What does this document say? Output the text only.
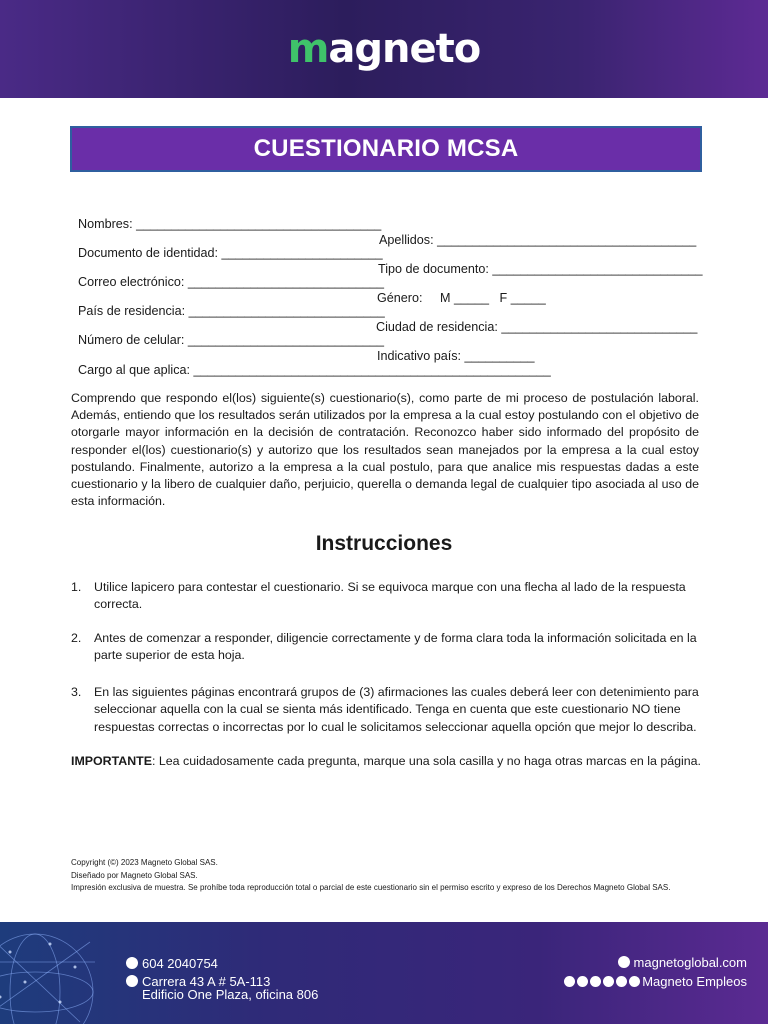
magneto
CUESTIONARIO MCSA

Nombres: ___________________________________

Apellidos: _____________________________________

Documento de identidad: _______________________

Tipo de documento: ______________________________

Correo electrónico: ____________________________

Género:     M _____   F _____

País de residencia: ____________________________

Ciudad de residencia: ____________________________

Número de celular: ____________________________

Indicativo país: __________

Cargo al que aplica: ___________________________________________________

Comprendo que respondo el(los) siguiente(s) cuestionario(s), como parte de mi proceso de postulación laboral. Además, entiendo que los resultados serán utilizados por la empresa a la cual estoy postulando con el objetivo de otorgarle mayor información en la decisión de contratación. Reconozco haber sido informado del propósito de responder el(los) cuestionario(s) y autorizo que los resultados sean manejados por la empresa a la cual estoy postulando. Finalmente, autorizo a la empresa a la cual postulo, para que analice mis respuestas dadas a este cuestionario y la libero de cualquier daño, perjuicio, querella o demanda legal de cualquier tipo asociada al uso de esta información.

Instrucciones
1. Utilice lapicero para contestar el cuestionario. Si se equivoca marque con una flecha al lado de la respuesta correcta.
2. Antes de comenzar a responder, diligencie correctamente y de forma clara toda la información solicitada en la parte superior de esta hoja.
3. En las siguientes páginas encontrará grupos de (3) afirmaciones las cuales deberá leer con detenimiento para seleccionar aquella con la cual se sienta más identificado. Tenga en cuenta que este cuestionario NO tiene respuestas correctas o incorrectas por lo cual le solicitamos seleccionar aquella opción que mejor lo describa.

IMPORTANTE: Lea cuidadosamente cada pregunta, marque una sola casilla y no haga otras marcas en la página.

Copyright (©) 2023 Magneto Global SAS.
Diseñado por Magneto Global SAS.
Impresión exclusiva de muestra. Se prohíbe toda reproducción total o parcial de este cuestionario sin el permiso escrito y expreso de los Derechos Magneto Global SAS.
604 2040754
Carrera 43 A # 5A-113
Edificio One Plaza, oficina 806
magnetoglobal.com
Magneto Empleos
